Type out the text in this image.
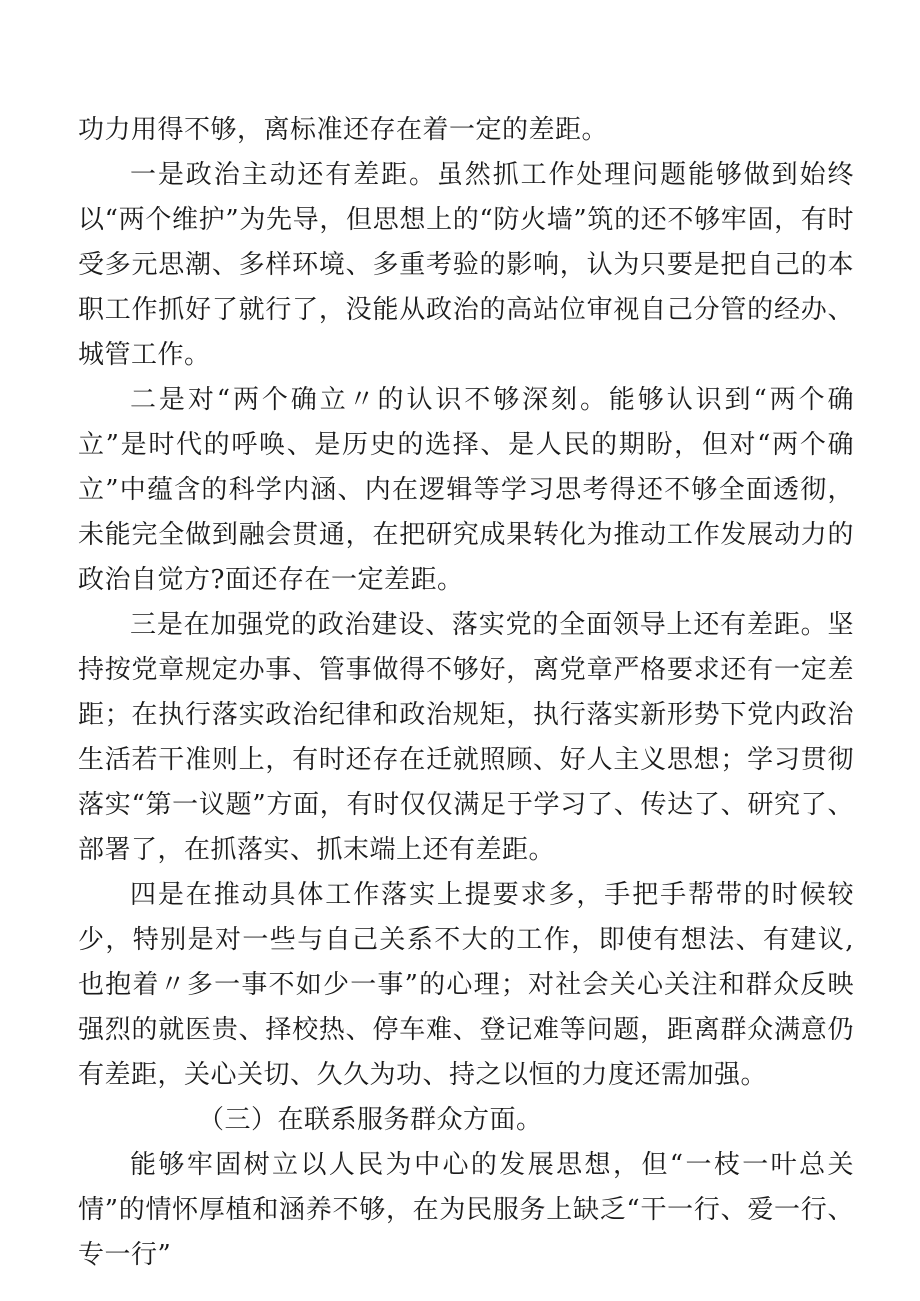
功力用得不够，离标准还存在着一定的差距。

一是政治主动还有差距。虽然抓工作处理问题能够做到始终以“两个维护”为先导，但思想上的“防火墙”筑的还不够牢固，有时受多元思潮、多样环境、多重考验的影响，认为只要是把自己的本职工作抓好了就行了，没能从政治的高站位审视自己分管的经办、城管工作。

二是对“两个确立〃的认识不够深刻。能够认识到“两个确立”是时代的呼唤、是历史的选择、是人民的期盼，但对“两个确立”中蕴含的科学内涵、内在逻辑等学习思考得还不够全面透彻，未能完全做到融会贯通，在把研究成果转化为推动工作发展动力的政治自觉方?面还存在一定差距。

三是在加强党的政治建设、落实党的全面领导上还有差距。坚持按党章规定办事、管事做得不够好，离党章严格要求还有一定差距；在执行落实政治纪律和政治规矩，执行落实新形势下党内政治生活若干准则上，有时还存在迁就照顾、好人主义思想；学习贯彻落实“第一议题”方面，有时仅仅满足于学习了、传达了、研究了、部署了，在抓落实、抓末端上还有差距。

四是在推动具体工作落实上提要求多，手把手帮带的时候较少，特别是对一些与自己关系不大的工作，即使有想法、有建议,也抱着〃多一事不如少一事”的心理；对社会关心关注和群众反映强烈的就医贵、择校热、停车难、登记难等问题，距离群众满意仍有差距，关心关切、久久为功、持之以恒的力度还需加强。

（三）在联系服务群众方面。

能够牢固树立以人民为中心的发展思想，但“一枝一叶总关情”的情怀厚植和涵养不够，在为民服务上缺乏“干一行、爱一行、专一行”
